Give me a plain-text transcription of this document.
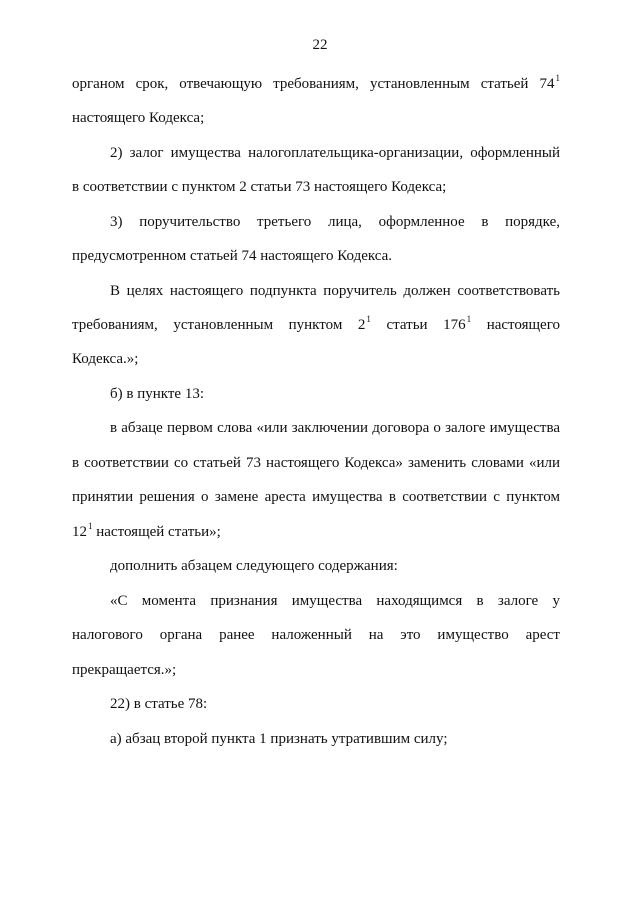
22
органом срок, отвечающую требованиям, установленным статьей $74^1$
настоящего Кодекса;
2) залог имущества налогоплательщика-организации, оформленный
в соответствии с пунктом 2 статьи 73 настоящего Кодекса;
3) поручительство третьего лица, оформленное в порядке,
предусмотренном статьей 74 настоящего Кодекса.
В целях настоящего подпункта поручитель должен соответствовать
требованиям, установленным пунктом $2^1$ статьи $176^1$ настоящего
Кодекса.»;
б) в пункте 13:
в абзаце первом слова «или заключении договора о залоге имущества
в соответствии со статьей 73 настоящего Кодекса» заменить словами «или
принятии решения о замене ареста имущества в соответствии с пунктом
$12^1$ настоящей статьи»;
дополнить абзацем следующего содержания:
«С момента признания имущества находящимся в залоге у
налогового органа ранее наложенный на это имущество арест
прекращается.»;
22) в статье 78:
а) абзац второй пункта 1 признать утратившим силу;
